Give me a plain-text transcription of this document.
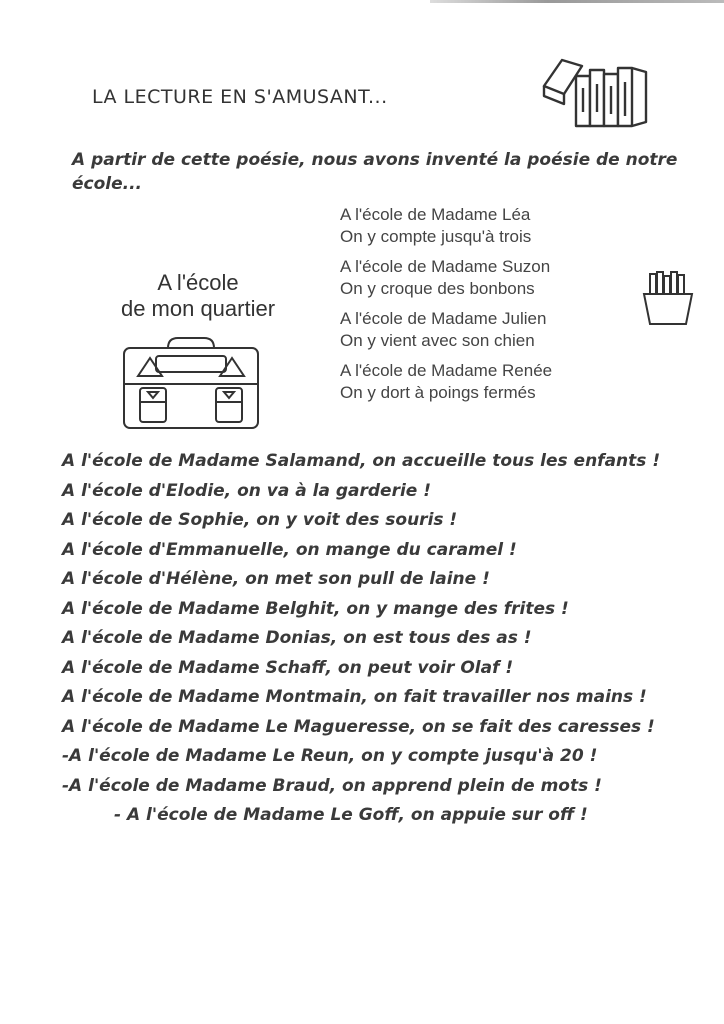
LA LECTURE EN S'AMUSANT...
A partir de cette poésie, nous avons inventé la poésie de notre école...
A l'école
de mon quartier
A l'école de Madame Léa
On y compte jusqu'à trois
A l'école de Madame Suzon
On y croque des bonbons
A l'école de Madame Julien
On y vient avec son chien
A l'école de Madame Renée
On y dort à poings fermés
A l'école de Madame Salamand, on accueille tous les enfants !
A l'école d'Elodie, on va à la garderie !
A l'école de Sophie, on y voit des souris !
A l'école d'Emmanuelle, on mange du caramel !
A l'école d'Hélène, on met son pull de laine !
A l'école de Madame Belghit, on y mange des frites !
A l'école de Madame Donias, on est tous des as !
A l'école de Madame Schaff, on peut voir Olaf !
A l'école de Madame Montmain, on fait travailler nos mains !
A l'école de Madame Le Magueresse, on se fait des caresses !
-A l'école de Madame Le Reun, on y compte jusqu'à 20 !
-A l'école de Madame Braud, on apprend plein de mots !
- A l'école de Madame Le Goff, on appuie sur off !
